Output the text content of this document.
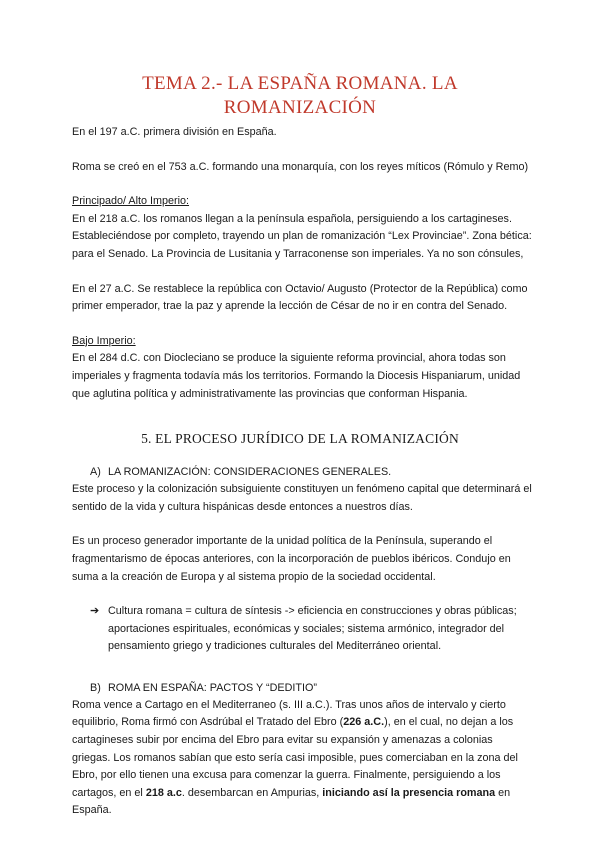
TEMA 2.- LA ESPAÑA ROMANA. LA ROMANIZACIÓN

En el 197 a.C. primera división en España.

Roma se creó en el 753 a.C. formando una monarquía, con los reyes míticos (Rómulo y Remo)

Principado/ Alto Imperio:

En el 218 a.C. los romanos llegan a la península española, persiguiendo a los cartagineses. Estableciéndose por completo, trayendo un plan de romanización “Lex Provinciae”. Zona bética: para el Senado. La Provincia de Lusitania y Tarraconense son imperiales. Ya no son cónsules,

En el 27 a.C. Se restablece la república con Octavio/ Augusto (Protector de la República) como primer emperador, trae la paz y aprende la lección de César de no ir en contra del Senado.

Bajo Imperio:

En el 284 d.C. con Diocleciano se produce la siguiente reforma provincial, ahora todas son imperiales y fragmenta todavía más los territorios. Formando la Diocesis Hispaniarum, unidad que aglutina política y administrativamente las provincias que conforman Hispania.

5. EL PROCESO JURÍDICO DE LA ROMANIZACIÓN
A) LA ROMANIZACIÓN: CONSIDERACIONES GENERALES.

Este proceso y la colonización subsiguiente constituyen un fenómeno capital que determinará el sentido de la vida y cultura hispánicas desde entonces a nuestros días.

Es un proceso generador importante de la unidad política de la Península, superando el fragmentarismo de épocas anteriores, con la incorporación de pueblos ibéricos. Condujo en suma a la creación de Europa y al sistema propio de la sociedad occidental.

➔ Cultura romana = cultura de síntesis -> eficiencia en construcciones y obras públicas; aportaciones espirituales, económicas y sociales; sistema armónico, integrador del pensamiento griego y tradiciones culturales del Mediterráneo oriental.

B) ROMA EN ESPAÑA: PACTOS Y “DEDITIO”

Roma vence a Cartago en el Mediterraneo (s. III a.C.). Tras unos años de intervalo y cierto equilibrio, Roma firmó con Asdrúbal el Tratado del Ebro (226 a.C.), en el cual, no dejan a los cartagineses subir por encima del Ebro para evitar su expansión y amenazas a colonias griegas. Los romanos sabían que esto sería casi imposible, pues comerciaban en la zona del Ebro, por ello tienen una excusa para comenzar la guerra. Finalmente, persiguiendo a los cartagos, en el 218 a.c. desembarcan en Ampurias, iniciando así la presencia romana en España.
